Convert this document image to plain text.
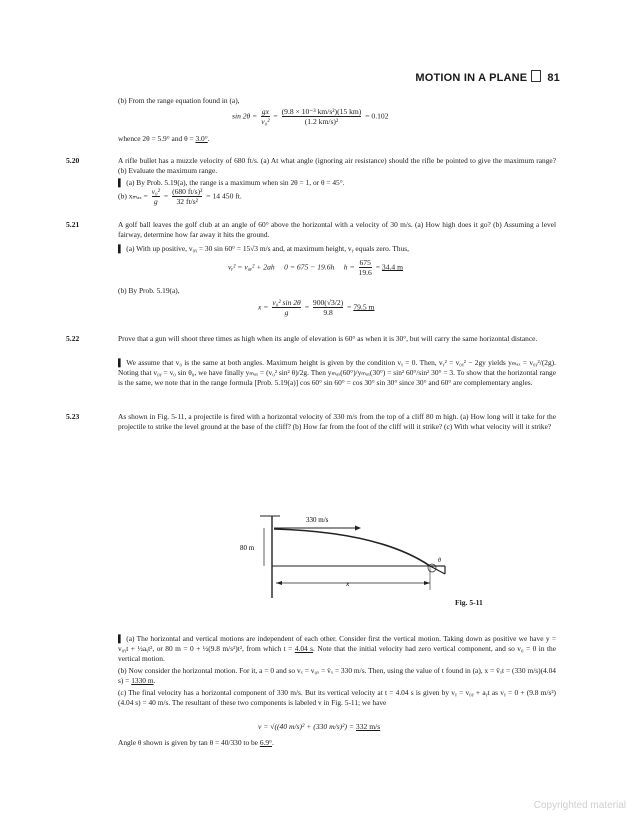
MOTION IN A PLANE 81
(b) From the range equation found in (a),
$\sin 2\theta = \frac{gx}{\text{v₀²}} = \frac{\text{(9.8 × 10⁻³ km/s²)(15 km)}}{\text{(1.2 km/s)²}} = 0.102$
whence 2θ = 5.9° and θ = 3.0°.
5.20	A rifle bullet has a muzzle velocity of 680 ft/s. (a) At what angle (ignoring air resistance) should the rifle be pointed to give the maximum range? (b) Evaluate the maximum range.
▌ (a) By Prob. 5.19(a), the range is a maximum when sin 2θ = 1, or θ = 45°.
(b) $x_{max} = \frac{\text{v₀²}}{g} = \frac{\text{(680 ft/s)²}}{\text{32 ft/s²}} = 14$ 450 ft.
5.21	A golf ball leaves the golf club at an angle of 60° above the horizontal with a velocity of 30 m/s. (a) How high does it go? (b) Assuming a level fairway, determine how far away it hits the ground.
▌ (a) With up positive, v₀ᵧ = 30 sin 60° = 15√3 m/s and, at maximum height, vᵧ equals zero. Thus,
vᵧ² = v₀ᵧ² + 2ah 0 = 675 − 19.6h $h = \frac{675}{19.6} = 34.4$ m
(b) By Prob. 5.19(a),
$x = \frac{\text{v₀² sin 2θ}}{g} = \frac{900(√3/2)}{9.8} = 79.5$ m
5.22	Prove that a gun will shoot three times as high when its angle of elevation is 60° as when it is 30°, but will carry the same horizontal distance.
▌ We assume that v₀ is the same at both angles. Maximum height is given by the condition vᵧ = 0. Then, vᵧ² = v₀ᵧ² − 2gy yields yₘₐₓ = v₀ᵧ²/(2g). Noting that v₀ᵧ = v₀ sin θ₀, we have finally yₘₐₓ = (v₀² sin² θ)/2g. Then yₘₐₓ(60°)/yₘₐₓ(30°) = sin² 60°/sin² 30° = 3. To show that the horizontal range is the same, we note that in the range formula [Prob. 5.19(a)] cos 60° sin 60° = cos 30° sin 30° since 30° and 60° are complementary angles.
5.23	As shown in Fig. 5-11, a projectile is fired with a horizontal velocity of 330 m/s from the top of a cliff 80 m high. (a) How long will it take for the projectile to strike the level ground at the base of the cliff? (b) How far from the foot of the cliff will it strike? (c) With what velocity will it strike?
330 m/s
80 m
x
θ
Fig. 5-11
▌ (a) The horizontal and vertical motions are independent of each other. Consider first the vertical motion. Taking down as positive we have y = v₀ᵧt + ½aᵧt², or 80 m = 0 + ½(9.8 m/s²)t², from which t = 4.04 s. Note that the initial velocity had zero vertical component, and so v₀ = 0 in the vertical motion.
(b) Now consider the horizontal motion. For it, a = 0 and so vₓ = v₀ₓ = v̄ₓ = 330 m/s. Then, using the value of t found in (a), x = v̄ₓt = (330 m/s)(4.04 s) = 1330 m.
(c) The final velocity has a horizontal component of 330 m/s. But its vertical velocity at t = 4.04 s is given by vᵧ = v₀ᵧ + aᵧt as vᵧ = 0 + (9.8 m/s²)(4.04 s) = 40 m/s. The resultant of these two components is labeled v in Fig. 5-11; we have
v = √((40 m/s)² + (330 m/s)²) = 332 m/s
Angle θ shown is given by tan θ = 40/330 to be 6.9°.
Copyrighted material
